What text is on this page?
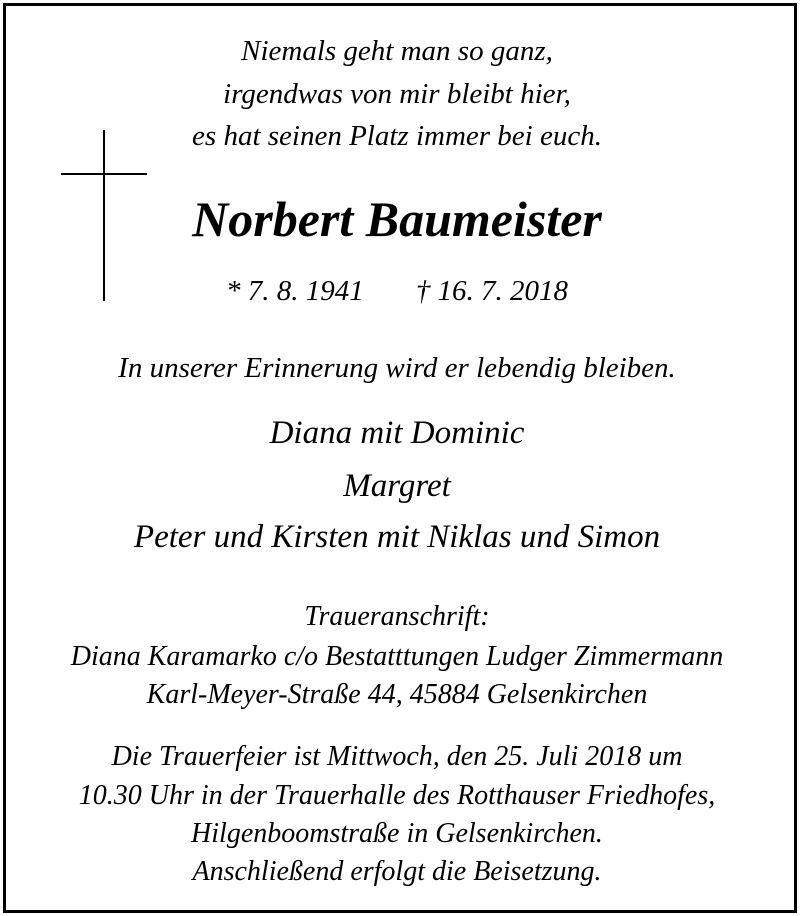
Niemals geht man so ganz,

irgendwas von mir bleibt hier,

es hat seinen Platz immer bei euch.

Norbert Baumeister

* 7. 8. 1941 † 16. 7. 2018

In unserer Erinnerung wird er lebendig bleiben.

Diana mit Dominic

Margret

Peter und Kirsten mit Niklas und Simon

Traueranschrift:

Diana Karamarko c/o Bestatttungen Ludger Zimmermann

Karl-Meyer-Straße 44, 45884 Gelsenkirchen

Die Trauerfeier ist Mittwoch, den 25. Juli 2018 um

10.30 Uhr in der Trauerhalle des Rotthauser Friedhofes,

Hilgenboomstraße in Gelsenkirchen.

Anschließend erfolgt die Beisetzung.
